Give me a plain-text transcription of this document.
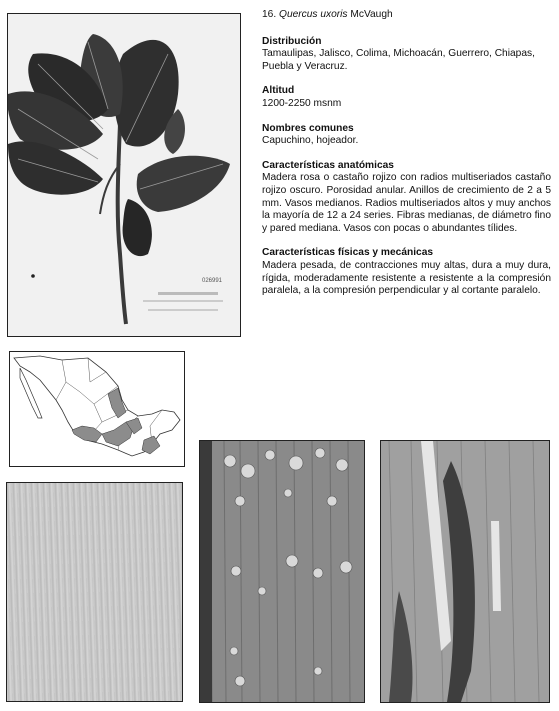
026991

16. Quercus uxoris McVaugh

Distribución

Tamaulipas, Jalisco, Colima, Michoacán, Guerrero, Chiapas, Puebla y Veracruz.

Altitud

1200-2250 msnm

Nombres comunes

Capuchino, hojeador.

Características anatómicas

Madera rosa o castaño rojizo con radios multiseriados castaño rojizo oscuro. Porosidad anular. Anillos de crecimiento de 2 a 5 mm. Vasos medianos. Radios multiseriados altos y muy anchos la mayoría de 12 a 24 series. Fibras medianas, de diámetro fino y pared mediana. Vasos con pocas o abundantes tílides.

Características físicas y mecánicas

Madera pesada, de contracciones muy altas, dura a muy dura, rígida, moderadamente resistente a resistente a la compresión paralela, a la compresión perpendicular y al cortante paralelo.
